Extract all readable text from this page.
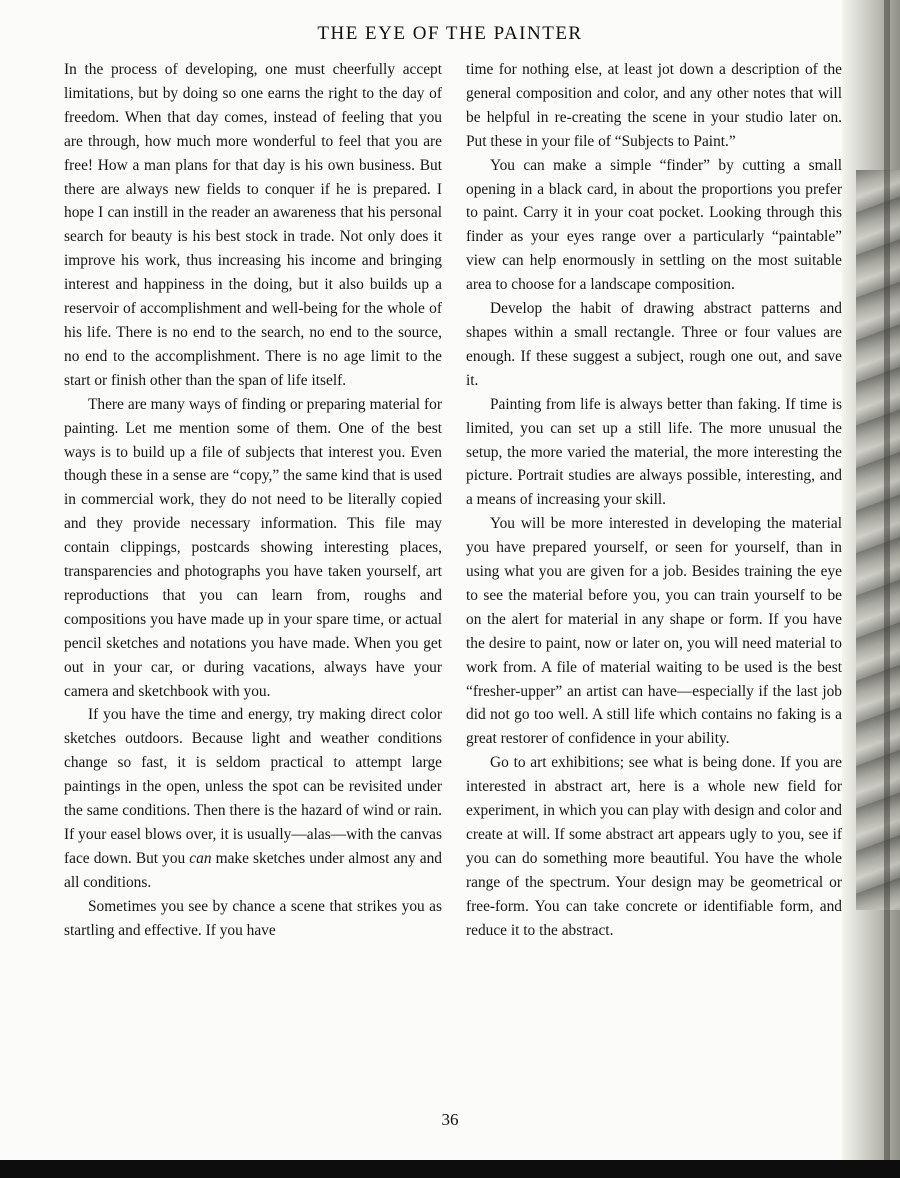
THE EYE OF THE PAINTER

In the process of developing, one must cheerfully accept limitations, but by doing so one earns the right to the day of freedom. When that day comes, instead of feeling that you are through, how much more wonderful to feel that you are free! How a man plans for that day is his own business. But there are always new fields to conquer if he is prepared. I hope I can instill in the reader an awareness that his personal search for beauty is his best stock in trade. Not only does it improve his work, thus increasing his income and bringing interest and happiness in the doing, but it also builds up a reservoir of accomplishment and well-being for the whole of his life. There is no end to the search, no end to the source, no end to the accomplishment. There is no age limit to the start or finish other than the span of life itself.

There are many ways of finding or preparing material for painting. Let me mention some of them. One of the best ways is to build up a file of subjects that interest you. Even though these in a sense are “copy,” the same kind that is used in commercial work, they do not need to be literally copied and they provide necessary information. This file may contain clippings, postcards showing interesting places, transparencies and photographs you have taken yourself, art reproductions that you can learn from, roughs and compositions you have made up in your spare time, or actual pencil sketches and notations you have made. When you get out in your car, or during vacations, always have your camera and sketchbook with you.

If you have the time and energy, try making direct color sketches outdoors. Because light and weather conditions change so fast, it is seldom practical to attempt large paintings in the open, unless the spot can be revisited under the same conditions. Then there is the hazard of wind or rain. If your easel blows over, it is usually—alas—with the canvas face down. But you can make sketches under almost any and all conditions.

Sometimes you see by chance a scene that strikes you as startling and effective. If you have

time for nothing else, at least jot down a description of the general composition and color, and any other notes that will be helpful in re-creating the scene in your studio later on. Put these in your file of “Subjects to Paint.”

You can make a simple “finder” by cutting a small opening in a black card, in about the proportions you prefer to paint. Carry it in your coat pocket. Looking through this finder as your eyes range over a particularly “paintable” view can help enormously in settling on the most suitable area to choose for a landscape composition.

Develop the habit of drawing abstract patterns and shapes within a small rectangle. Three or four values are enough. If these suggest a subject, rough one out, and save it.

Painting from life is always better than faking. If time is limited, you can set up a still life. The more unusual the setup, the more varied the material, the more interesting the picture. Portrait studies are always possible, interesting, and a means of increasing your skill.

You will be more interested in developing the material you have prepared yourself, or seen for yourself, than in using what you are given for a job. Besides training the eye to see the material before you, you can train yourself to be on the alert for material in any shape or form. If you have the desire to paint, now or later on, you will need material to work from. A file of material waiting to be used is the best “fresher-upper” an artist can have—especially if the last job did not go too well. A still life which contains no faking is a great restorer of confidence in your ability.

Go to art exhibitions; see what is being done. If you are interested in abstract art, here is a whole new field for experiment, in which you can play with design and color and create at will. If some abstract art appears ugly to you, see if you can do something more beautiful. You have the whole range of the spectrum. Your design may be geometrical or free-form. You can take concrete or identifiable form, and reduce it to the abstract.

36
